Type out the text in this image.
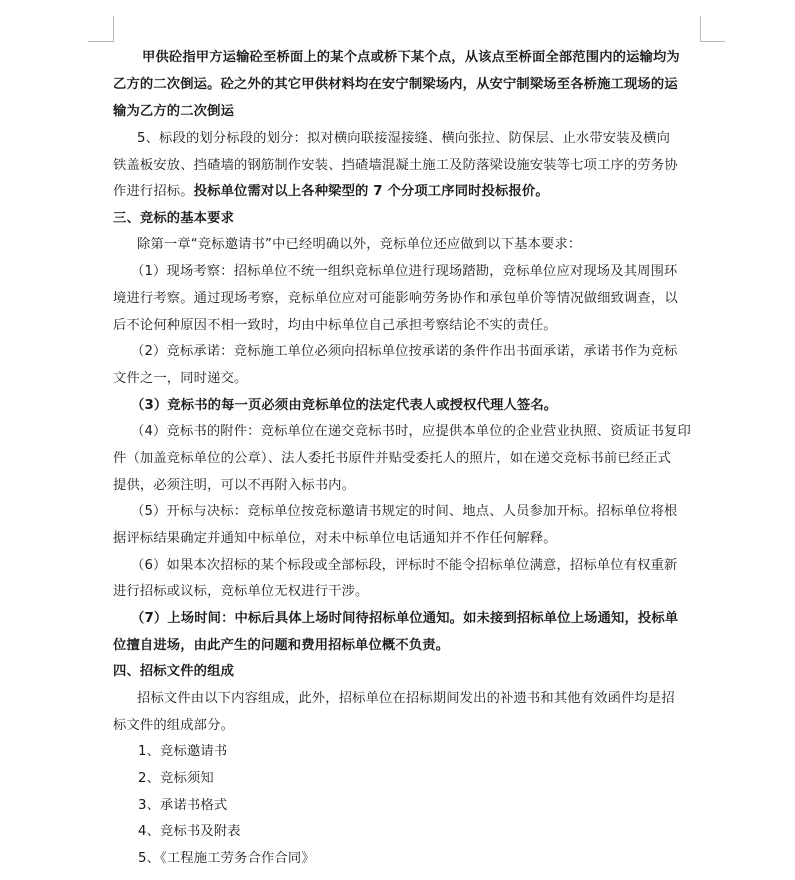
甲供砼指甲方运输砼至桥面上的某个点或桥下某个点，从该点至桥面全部范围内的运输均为
乙方的二次倒运。砼之外的其它甲供材料均在安宁制梁场内，从安宁制梁场至各桥施工现场的运
输为乙方的二次倒运
5、标段的划分标段的划分：拟对横向联接湿接缝、横向张拉、防保层、止水带安装及横向
铁盖板安放、挡碴墙的钢筋制作安装、挡碴墙混凝土施工及防落梁设施安装等七项工序的劳务协
作进行招标。投标单位需对以上各种梁型的 7 个分项工序同时投标报价。
三、竞标的基本要求
除第一章“竞标邀请书”中已经明确以外，竞标单位还应做到以下基本要求：
（1）现场考察：招标单位不统一组织竞标单位进行现场踏勘，竞标单位应对现场及其周围环
境进行考察。通过现场考察，竞标单位应对可能影响劳务协作和承包单价等情况做细致调查，以
后不论何种原因不相一致时，均由中标单位自己承担考察结论不实的责任。
（2）竞标承诺：竞标施工单位必须向招标单位按承诺的条件作出书面承诺，承诺书作为竞标
文件之一，同时递交。
（3）竞标书的每一页必须由竞标单位的法定代表人或授权代理人签名。
（4）竞标书的附件：竞标单位在递交竞标书时，应提供本单位的企业营业执照、资质证书复印
件（加盖竞标单位的公章）、法人委托书原件并贴受委托人的照片，如在递交竞标书前已经正式
提供，必须注明，可以不再附入标书内。
（5）开标与决标：竞标单位按竞标邀请书规定的时间、地点、人员参加开标。招标单位将根
据评标结果确定并通知中标单位，对未中标单位电话通知并不作任何解释。
（6）如果本次招标的某个标段或全部标段，评标时不能令招标单位满意，招标单位有权重新
进行招标或议标，竞标单位无权进行干涉。
（7）上场时间：中标后具体上场时间待招标单位通知。如未接到招标单位上场通知，投标单
位擅自进场，由此产生的问题和费用招标单位概不负责。
四、招标文件的组成
招标文件由以下内容组成，此外，招标单位在招标期间发出的补遗书和其他有效函件均是招
标文件的组成部分。
1、竞标邀请书
2、竞标须知
3、承诺书格式
4、竞标书及附表
5、《工程施工劳务合作合同》
